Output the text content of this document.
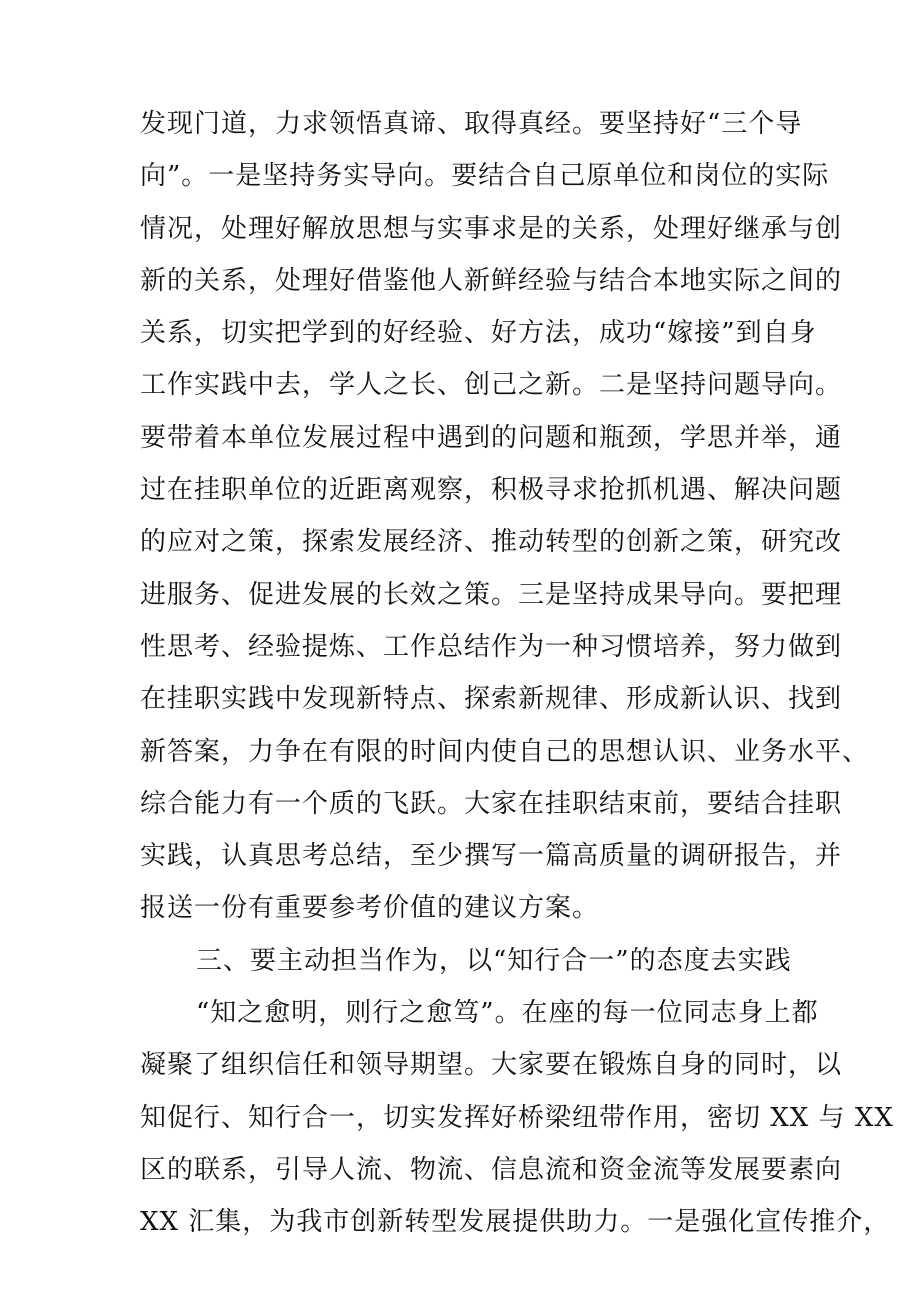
发现门道，力求领悟真谛、取得真经。要坚持好“三个导
向”。一是坚持务实导向。要结合自己原单位和岗位的实际
情况，处理好解放思想与实事求是的关系，处理好继承与创
新的关系，处理好借鉴他人新鲜经验与结合本地实际之间的
关系，切实把学到的好经验、好方法，成功“嫁接”到自身
工作实践中去，学人之长、创己之新。二是坚持问题导向。
要带着本单位发展过程中遇到的问题和瓶颈，学思并举，通
过在挂职单位的近距离观察，积极寻求抢抓机遇、解决问题
的应对之策，探索发展经济、推动转型的创新之策，研究改
进服务、促进发展的长效之策。三是坚持成果导向。要把理
性思考、经验提炼、工作总结作为一种习惯培养，努力做到
在挂职实践中发现新特点、探索新规律、形成新认识、找到
新答案，力争在有限的时间内使自己的思想认识、业务水平、
综合能力有一个质的飞跃。大家在挂职结束前，要结合挂职
实践，认真思考总结，至少撰写一篇高质量的调研报告，并
报送一份有重要参考价值的建议方案。
三、要主动担当作为，以“知行合一”的态度去实践
“知之愈明，则行之愈笃”。在座的每一位同志身上都
凝聚了组织信任和领导期望。大家要在锻炼自身的同时，以
知促行、知行合一，切实发挥好桥梁纽带作用，密切 XX 与 XX
区的联系，引导人流、物流、信息流和资金流等发展要素向
XX 汇集，为我市创新转型发展提供助力。一是强化宣传推介，
